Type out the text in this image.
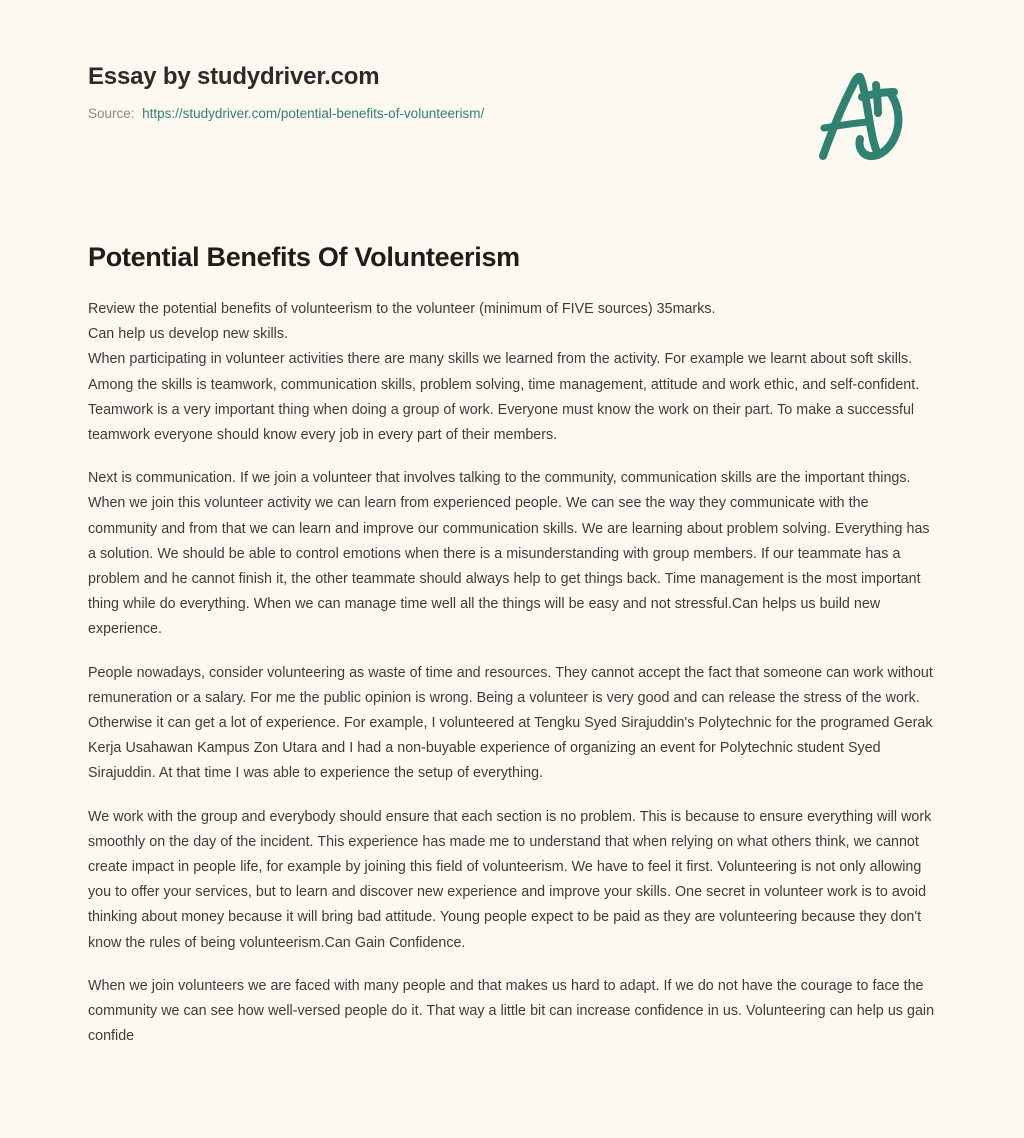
Essay by studydriver.com
Source: https://studydriver.com/potential-benefits-of-volunteerism/
Potential Benefits Of Volunteerism

Review the potential benefits of volunteerism to the volunteer (minimum of FIVE sources) 35marks.

Can help us develop new skills.

When participating in volunteer activities there are many skills we learned from the activity. For example we learnt about soft skills. Among the skills is teamwork, communication skills, problem solving, time management, attitude and work ethic, and self-confident. Teamwork is a very important thing when doing a group of work. Everyone must know the work on their part. To make a successful teamwork everyone should know every job in every part of their members.

Next is communication. If we join a volunteer that involves talking to the community, communication skills are the important things. When we join this volunteer activity we can learn from experienced people. We can see the way they communicate with the community and from that we can learn and improve our communication skills. We are learning about problem solving. Everything has a solution. We should be able to control emotions when there is a misunderstanding with group members. If our teammate has a problem and he cannot finish it, the other teammate should always help to get things back. Time management is the most important thing while do everything. When we can manage time well all the things will be easy and not stressful.Can helps us build new experience.

People nowadays, consider volunteering as waste of time and resources. They cannot accept the fact that someone can work without remuneration or a salary. For me the public opinion is wrong. Being a volunteer is very good and can release the stress of the work. Otherwise it can get a lot of experience. For example, I volunteered at Tengku Syed Sirajuddin's Polytechnic for the programed Gerak Kerja Usahawan Kampus Zon Utara and I had a non-buyable experience of organizing an event for Polytechnic student Syed Sirajuddin. At that time I was able to experience the setup of everything.

We work with the group and everybody should ensure that each section is no problem. This is because to ensure everything will work smoothly on the day of the incident. This experience has made me to understand that when relying on what others think, we cannot create impact in people life, for example by joining this field of volunteerism. We have to feel it first. Volunteering is not only allowing you to offer your services, but to learn and discover new experience and improve your skills. One secret in volunteer work is to avoid thinking about money because it will bring bad attitude. Young people expect to be paid as they are volunteering because they don't know the rules of being volunteerism.Can Gain Confidence.

When we join volunteers we are faced with many people and that makes us hard to adapt. If we do not have the courage to face the community we can see how well-versed people do it. That way a little bit can increase confidence in us. Volunteering can help us gain confide
